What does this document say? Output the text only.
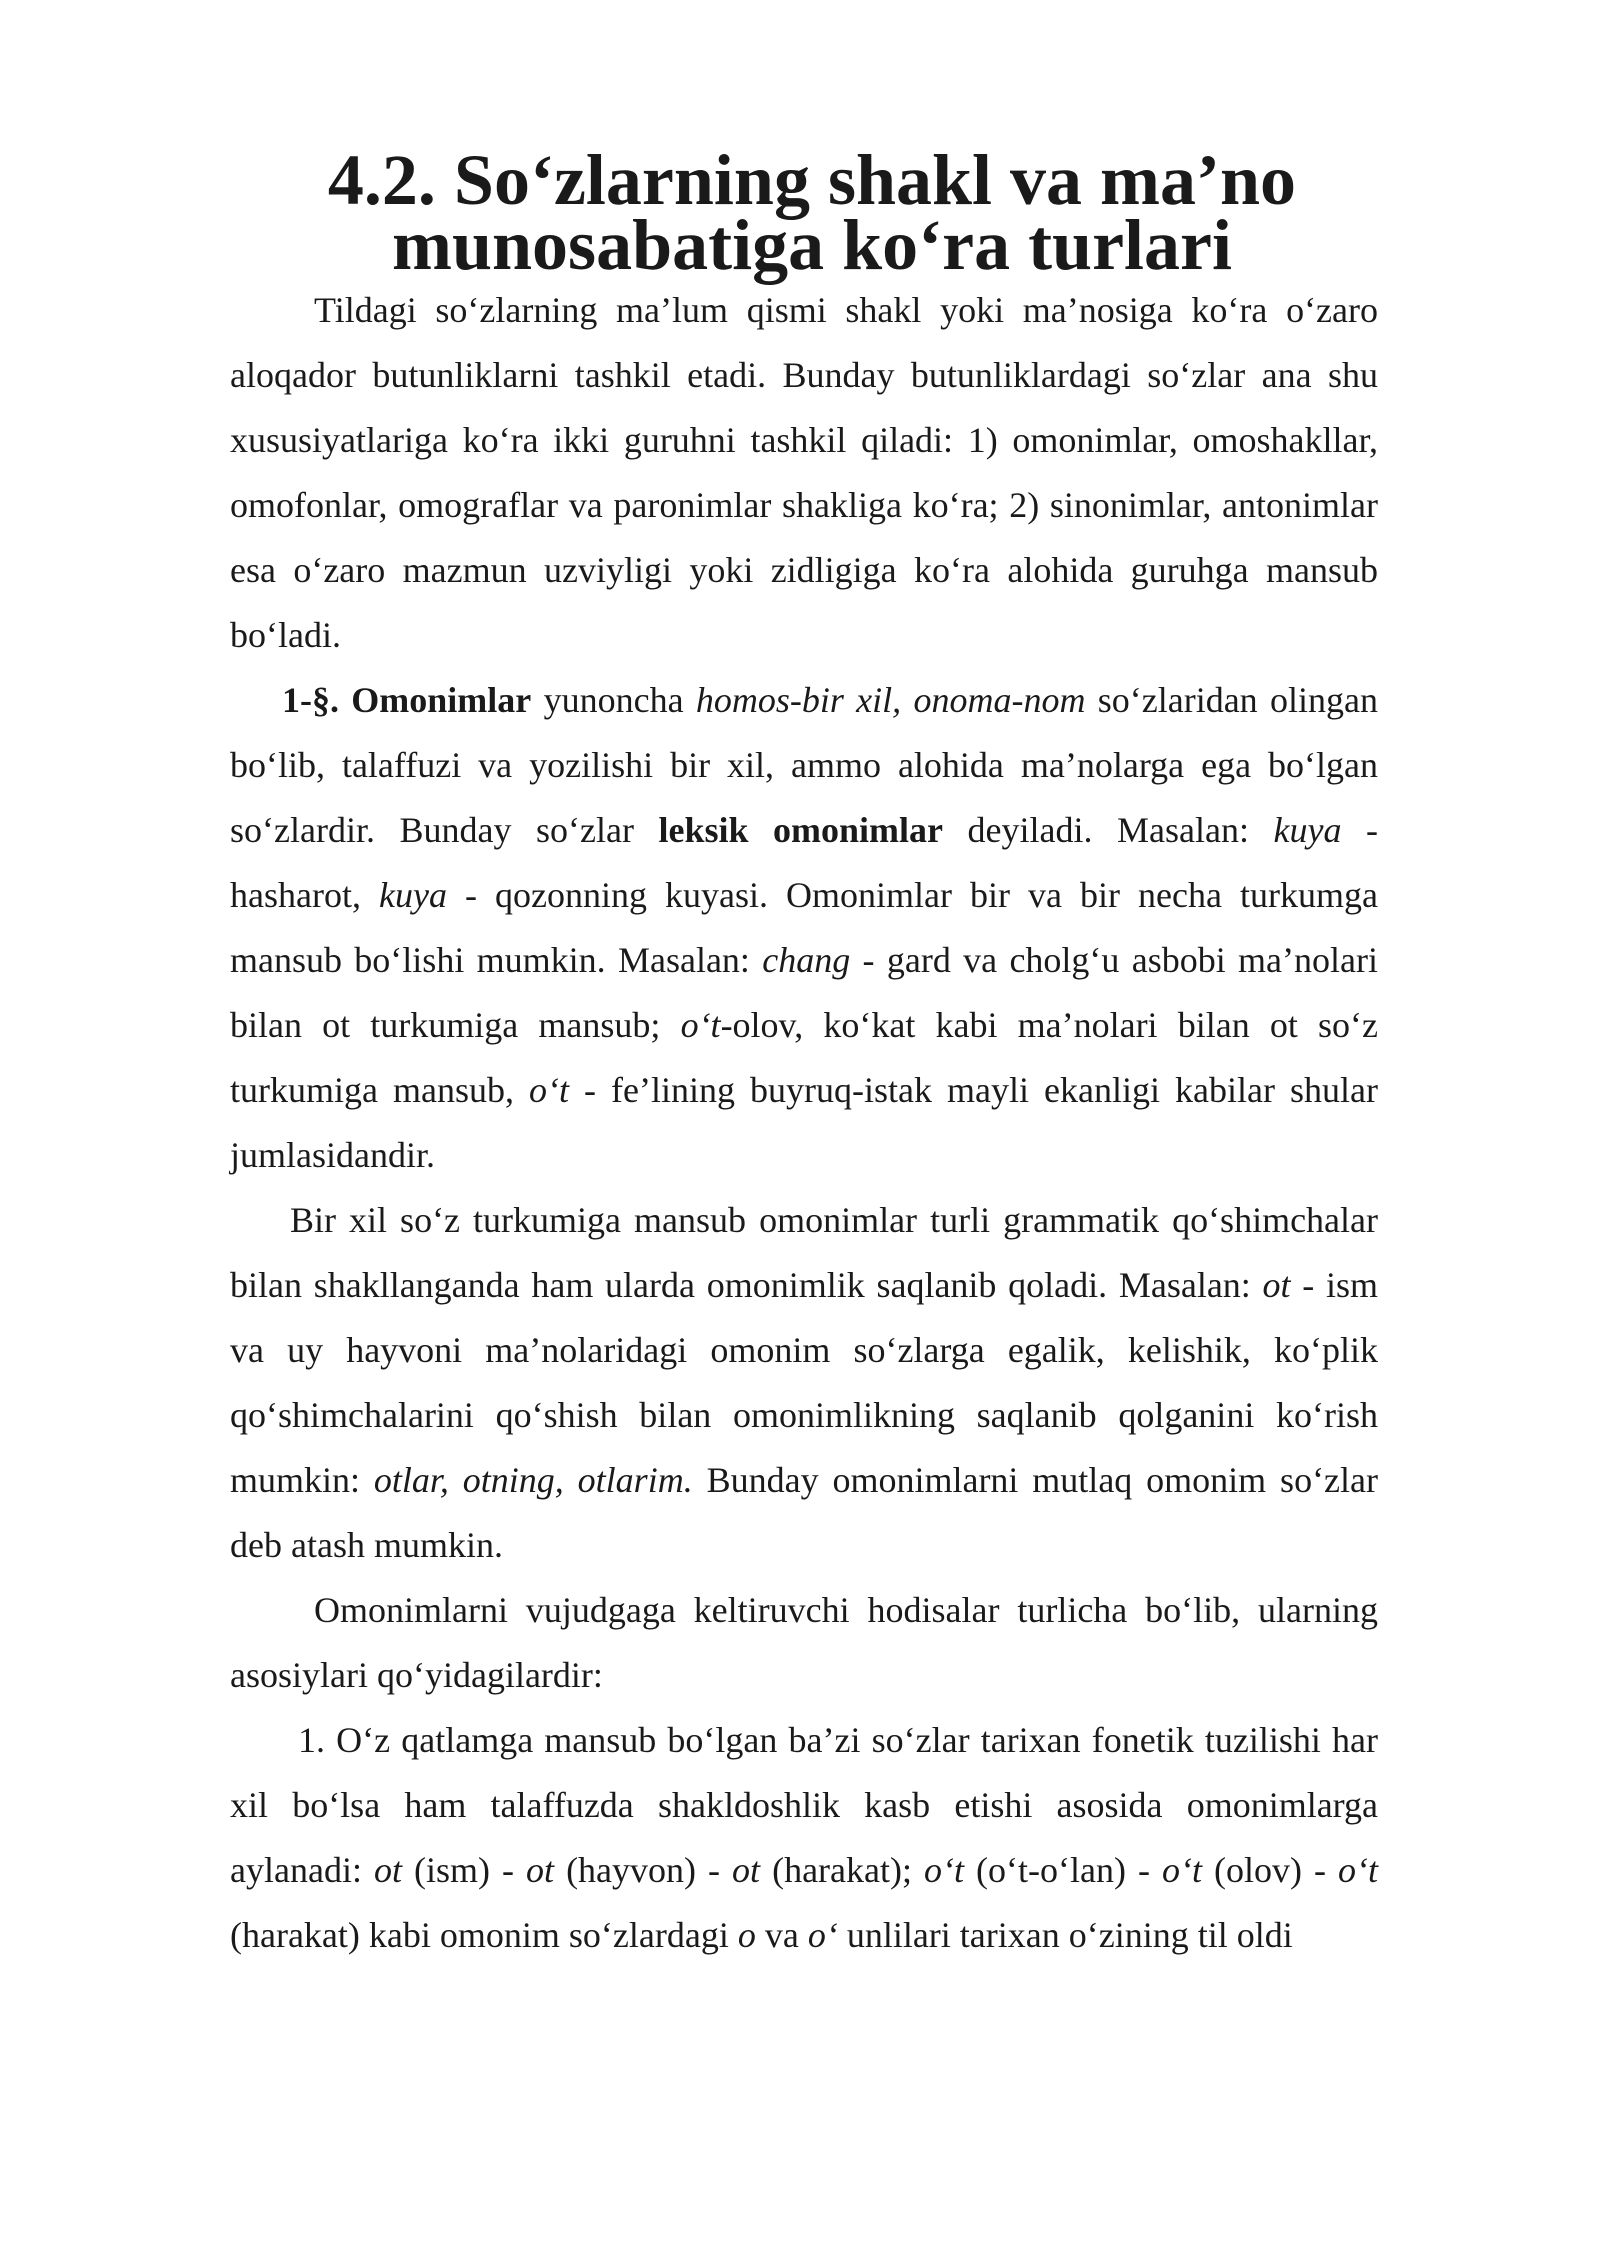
4.2. So‘zlarning shakl va ma’no munosabatiga ko‘ra turlari

Tildagi so‘zlarning ma’lum qismi shakl yoki ma’nosiga ko‘ra o‘zaro aloqador butunliklarni tashkil etadi. Bunday butunliklardagi so‘zlar ana shu xususiyatlariga ko‘ra ikki guruhni tashkil qiladi: 1) omonimlar, omoshakllar, omofonlar, omograflar va paronimlar shakliga ko‘ra; 2) sinonimlar, antonimlar esa o‘zaro mazmun uzviyligi yoki zidligiga ko‘ra alohida guruhga mansub bo‘ladi.

1-§. Omonimlar yunoncha homos-bir xil, onoma-nom so‘zlaridan olingan bo‘lib, talaffuzi va yozilishi bir xil, ammo alohida ma’nolarga ega bo‘lgan so‘zlardir. Bunday so‘zlar leksik omonimlar deyiladi. Masalan: kuya - hasharot, kuya - qozonning kuyasi. Omonimlar bir va bir necha turkumga mansub bo‘lishi mumkin. Masalan: chang - gard va cholg‘u asbobi ma’nolari bilan ot turkumiga mansub; o‘t-olov, ko‘kat kabi ma’nolari bilan ot so‘z turkumiga mansub, o‘t - fe’lining buyruq-istak mayli ekanligi kabilar shular jumlasidandir.

Bir xil so‘z turkumiga mansub omonimlar turli grammatik qo‘shimchalar bilan shakllanganda ham ularda omonimlik saqlanib qoladi. Masalan: ot - ism va uy hayvoni ma’nolaridagi omonim so‘zlarga egalik, kelishik, ko‘plik qo‘shimchalarini qo‘shish bilan omonimlikning saqlanib qolganini ko‘rish mumkin: otlar, otning, otlarim. Bunday omonimlarni mutlaq omonim so‘zlar deb atash mumkin.

Omonimlarni vujudgaga keltiruvchi hodisalar turlicha bo‘lib, ularning asosiylari qo‘yidagilardir:

1. O‘z qatlamga mansub bo‘lgan ba’zi so‘zlar tarixan fonetik tuzilishi har xil bo‘lsa ham talaffuzda shakldoshlik kasb etishi asosida omonimlarga aylanadi: ot (ism) - ot (hayvon) - ot (harakat); o‘t (o‘t-o‘lan) - o‘t (olov) - o‘t (harakat) kabi omonim so‘zlardagi o va o‘ unlilari tarixan o‘zining til oldi
